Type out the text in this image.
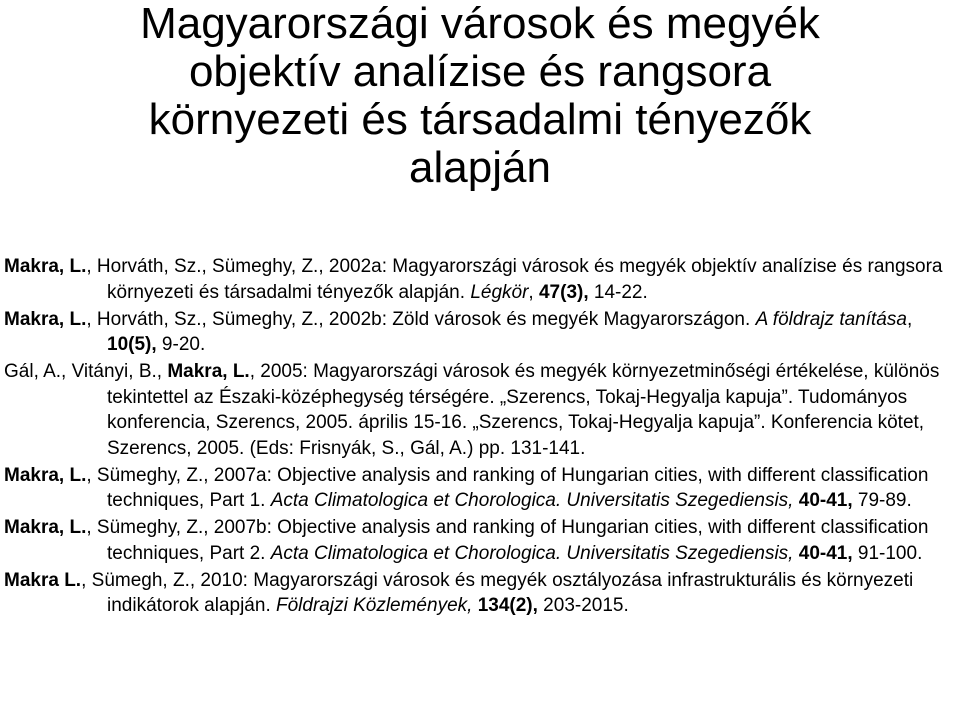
Magyarországi városok és megyék
objektív analízise és rangsora
környezeti és társadalmi tényezők
alapján

Makra, L., Horváth, Sz., Sümeghy, Z., 2002a: Magyarországi városok és megyék objektív analízise és rangsora környezeti és társadalmi tényezők alapján. Légkör, 47(3), 14-22.

Makra, L., Horváth, Sz., Sümeghy, Z., 2002b: Zöld városok és megyék Magyarországon. A földrajz tanítása, 10(5), 9-20.

Gál, A., Vitányi, B., Makra, L., 2005: Magyarországi városok és megyék környezetminőségi értékelése, különös tekintettel az Északi-középhegység térségére. „Szerencs, Tokaj-Hegyalja kapuja”. Tudományos konferencia, Szerencs, 2005. április 15-16. „Szerencs, Tokaj-Hegyalja kapuja”. Konferencia kötet, Szerencs, 2005. (Eds: Frisnyák, S., Gál, A.) pp. 131-141.

Makra, L., Sümeghy, Z., 2007a: Objective analysis and ranking of Hungarian cities, with different classification techniques, Part 1. Acta Climatologica et Chorologica. Universitatis Szegediensis, 40-41, 79-89.

Makra, L., Sümeghy, Z., 2007b: Objective analysis and ranking of Hungarian cities, with different classification techniques, Part 2. Acta Climatologica et Chorologica. Universitatis Szegediensis, 40-41, 91-100.

Makra L., Sümegh, Z., 2010: Magyarországi városok és megyék osztályozása infrastrukturális és környezeti indikátorok alapján. Földrajzi Közlemények, 134(2), 203-2015.
